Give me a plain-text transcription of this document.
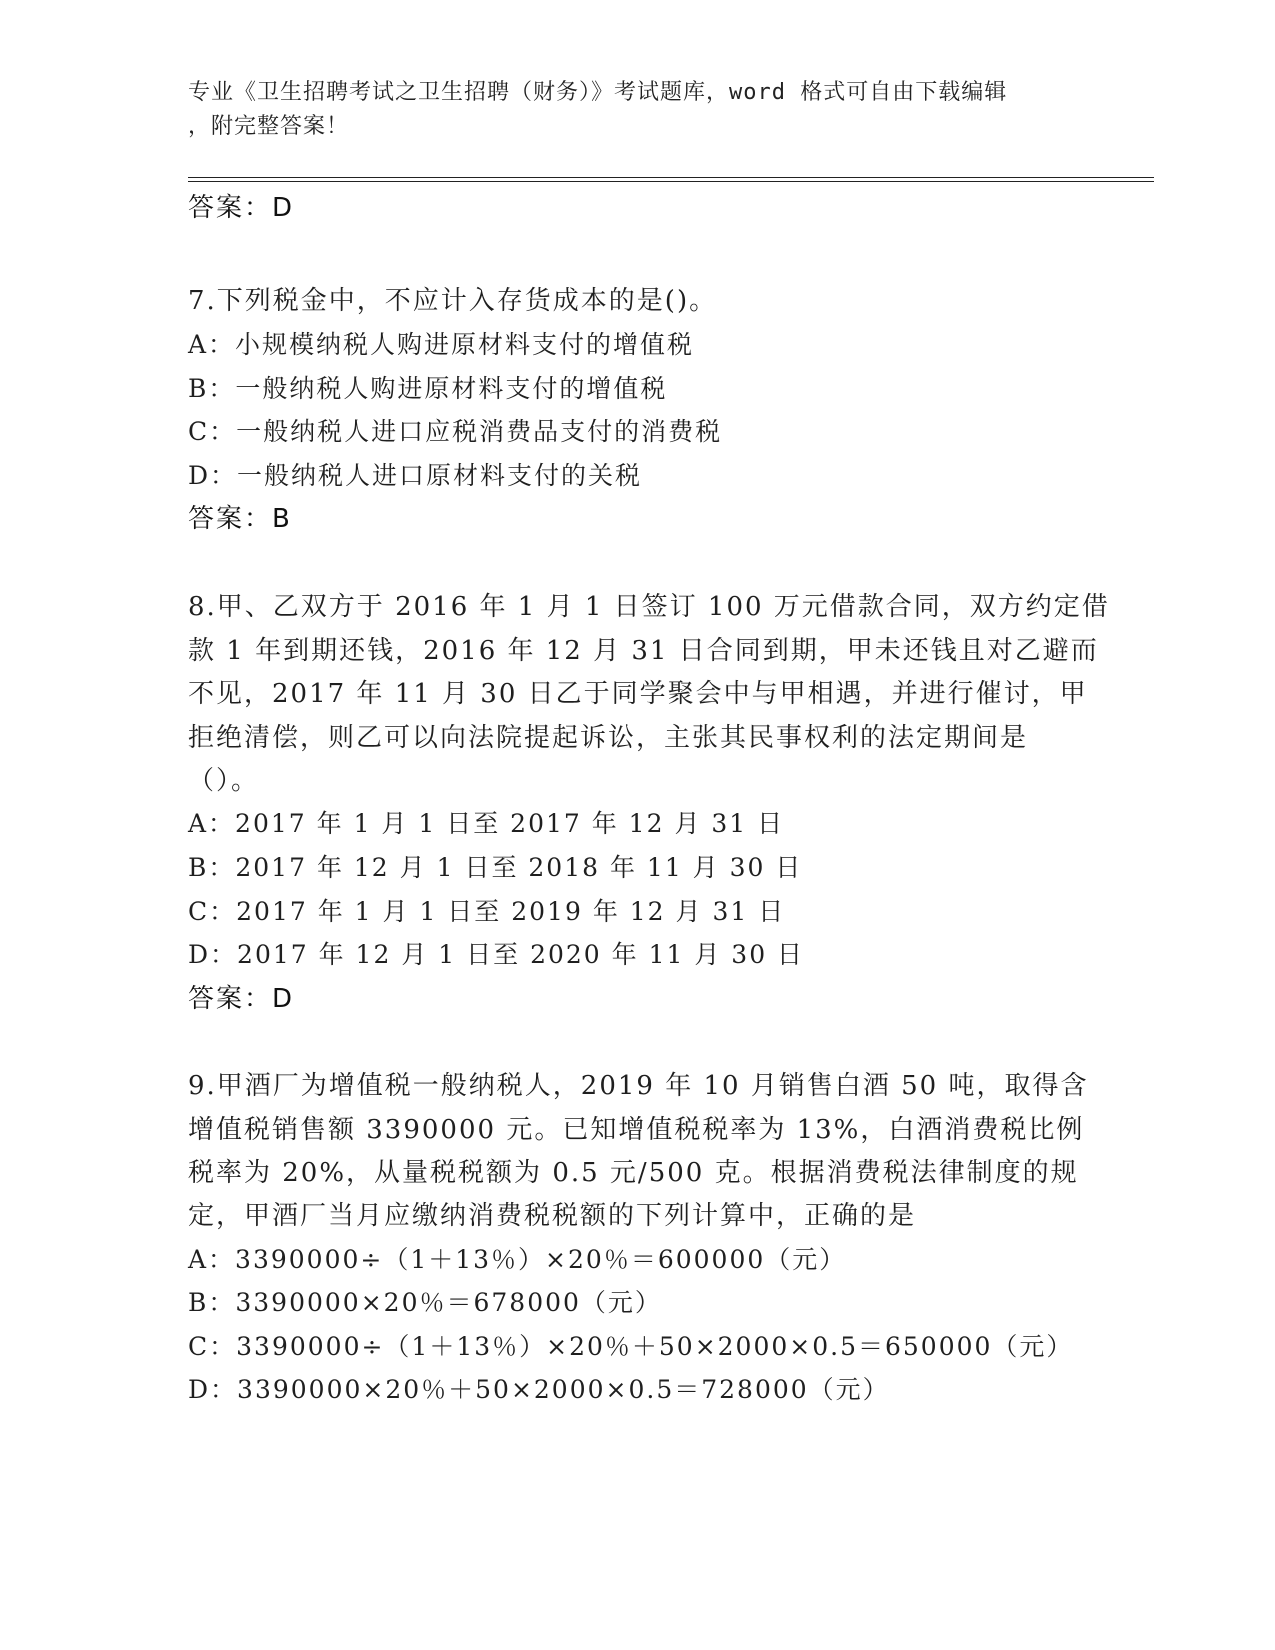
专业《卫生招聘考试之卫生招聘（财务）》考试题库，word 格式可自由下载编辑
，附完整答案！
答案：D
7.下列税金中，不应计入存货成本的是()。
A：小规模纳税人购进原材料支付的增值税
B：一般纳税人购进原材料支付的增值税
C：一般纳税人进口应税消费品支付的消费税
D：一般纳税人进口原材料支付的关税
答案：B
8.甲、乙双方于 2016 年 1 月 1 日签订 100 万元借款合同，双方约定借
款 1 年到期还钱，2016 年 12 月 31 日合同到期，甲未还钱且对乙避而
不见，2017 年 11 月 30 日乙于同学聚会中与甲相遇，并进行催讨，甲
拒绝清偿，则乙可以向法院提起诉讼，主张其民事权利的法定期间是
（）。
A：2017 年 1 月 1 日至 2017 年 12 月 31 日
B：2017 年 12 月 1 日至 2018 年 11 月 30 日
C：2017 年 1 月 1 日至 2019 年 12 月 31 日
D：2017 年 12 月 1 日至 2020 年 11 月 30 日
答案：D
9.甲酒厂为增值税一般纳税人，2019 年 10 月销售白酒 50 吨，取得含
增值税销售额 3390000 元。已知增值税税率为 13%，白酒消费税比例
税率为 20%，从量税税额为 0.5 元/500 克。根据消费税法律制度的规
定，甲酒厂当月应缴纳消费税税额的下列计算中，正确的是
A：3390000÷（1＋13％）×20％＝600000（元）
B：3390000×20％＝678000（元）
C：3390000÷（1＋13％）×20％＋50×2000×0.5＝650000（元）
D：3390000×20％＋50×2000×0.5＝728000（元）
